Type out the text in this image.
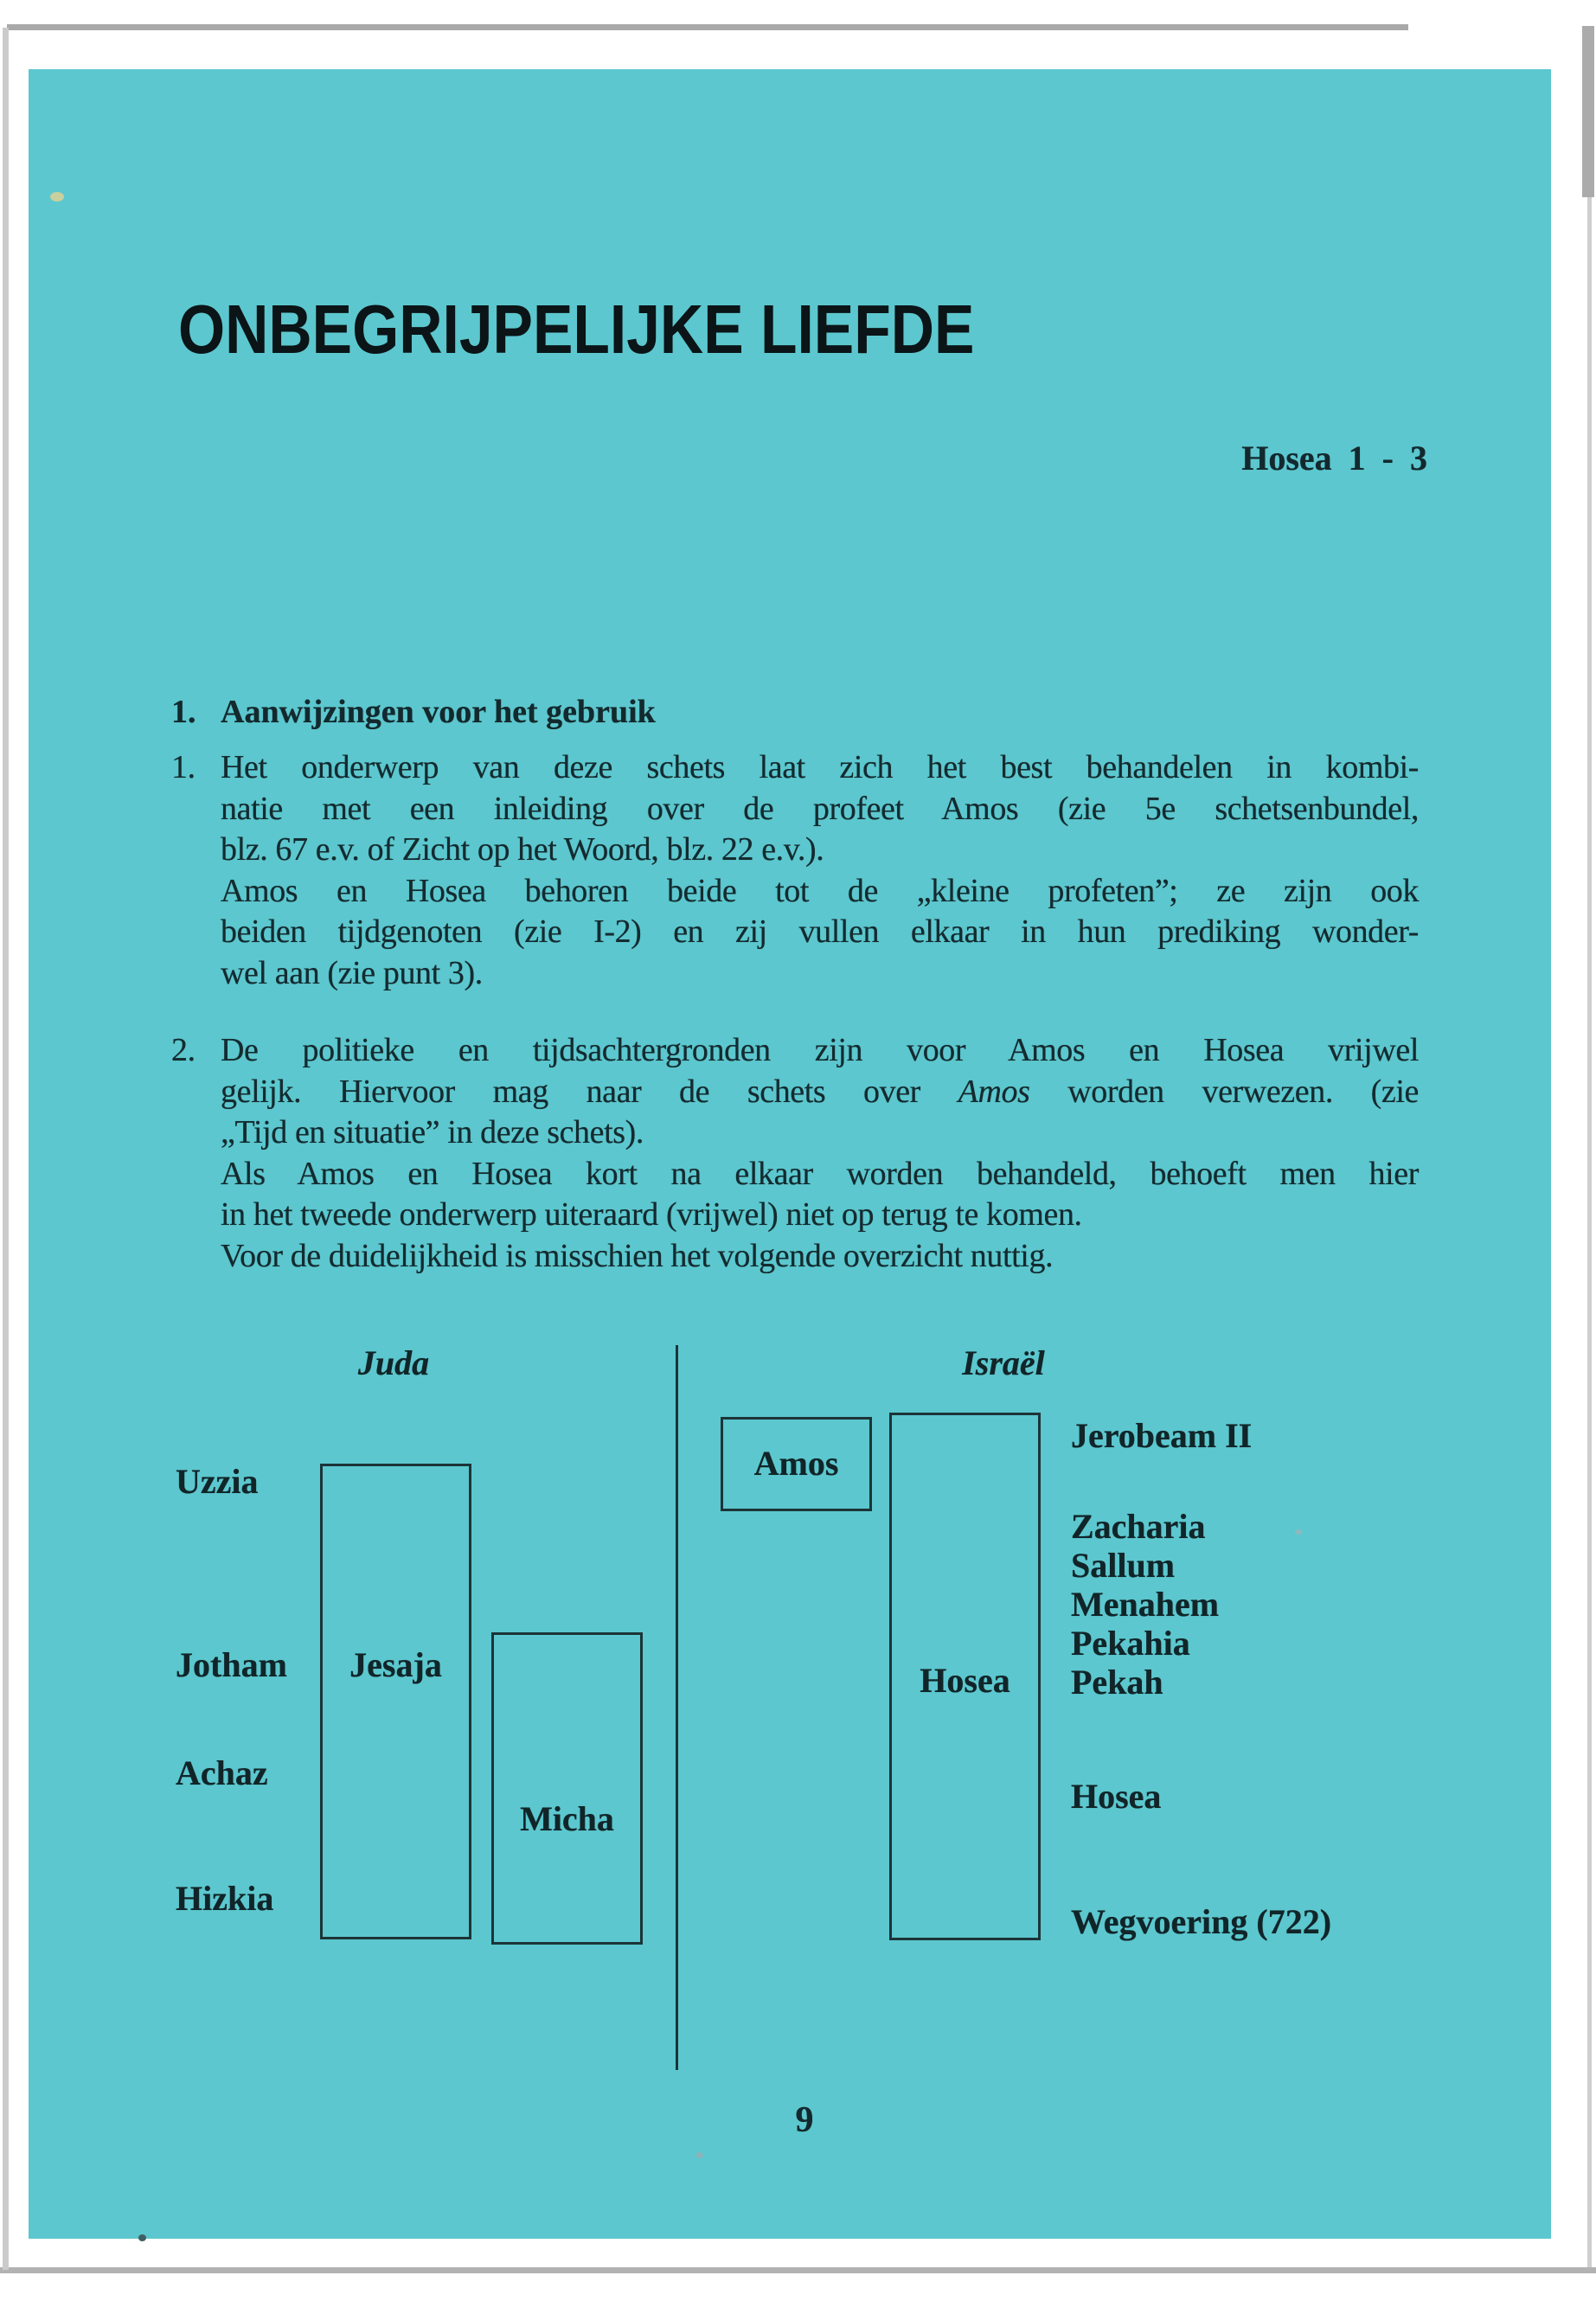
ONBEGRIJPELIJKE LIEFDE
Hosea 1 - 3
1. Aanwijzingen voor het gebruik
1. Het onderwerp van deze schets laat zich het best behandelen in kombi-
natie met een inleiding over de profeet Amos (zie 5e schetsenbundel,
blz. 67 e.v. of Zicht op het Woord, blz. 22 e.v.).
Amos en Hosea behoren beide tot de „kleine profeten”; ze zijn ook
beiden tijdgenoten (zie I-2) en zij vullen elkaar in hun prediking wonder-
wel aan (zie punt 3).
2. De politieke en tijdsachtergronden zijn voor Amos en Hosea vrijwel
gelijk. Hiervoor mag naar de schets over Amos worden verwezen. (zie
„Tijd en situatie” in deze schets).
Als Amos en Hosea kort na elkaar worden behandeld, behoeft men hier
in het tweede onderwerp uiteraard (vrijwel) niet op terug te komen.
Voor de duidelijkheid is misschien het volgende overzicht nuttig.
Juda	Israël
Jesaja
Micha
Amos
Hosea
Uzzia
Jotham
Achaz
Hizkia
Jerobeam II
Zacharia
Sallum
Menahem
Pekahia
Pekah
Hosea
Wegvoering (722)
9
